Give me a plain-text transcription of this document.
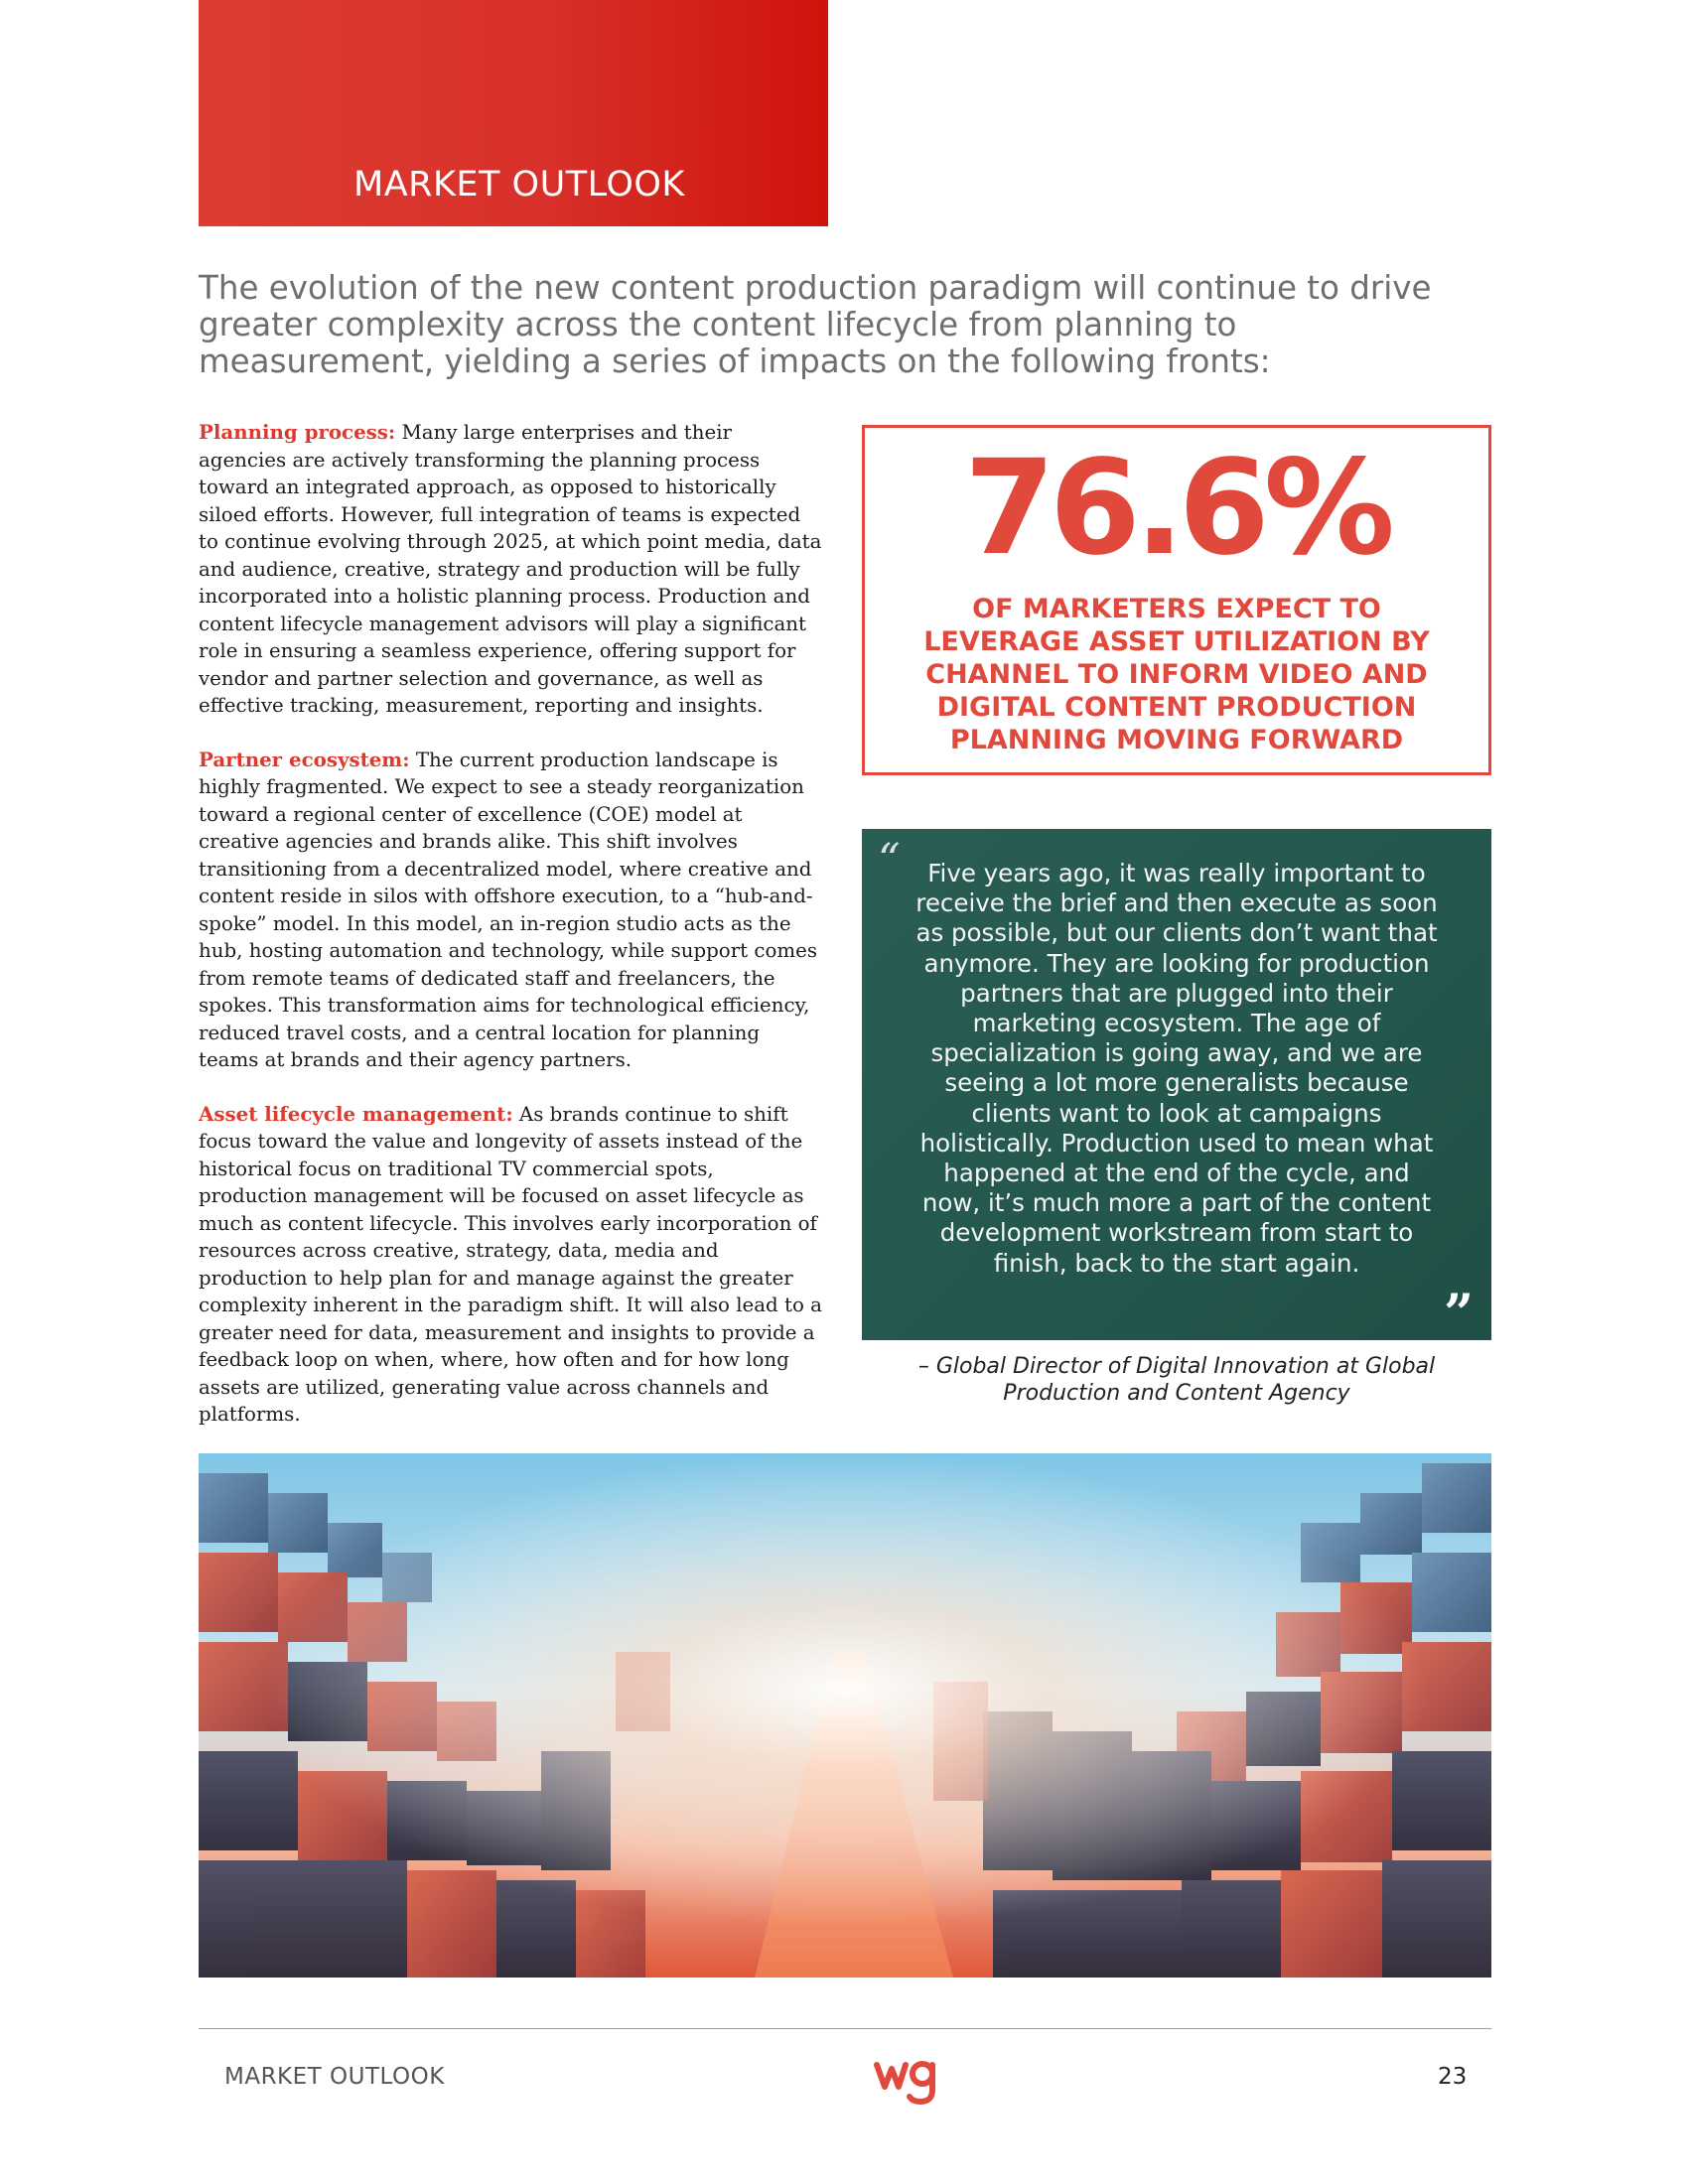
MARKET OUTLOOK

The evolution of the new content production paradigm will continue to drive greater complexity across the content lifecycle from planning to measurement, yielding a series of impacts on the following fronts:

Planning process: Many large enterprises and their agencies are actively transforming the planning process toward an integrated approach, as opposed to historically siloed efforts. However, full integration of teams is expected to continue evolving through 2025, at which point media, data and audience, creative, strategy and production will be fully incorporated into a holistic planning process. Production and content lifecycle management advisors will play a significant role in ensuring a seamless experience, offering support for vendor and partner selection and governance, as well as effective tracking, measurement, reporting and insights.

Partner ecosystem: The current production landscape is highly fragmented. We expect to see a steady reorganization toward a regional center of excellence (COE) model at creative agencies and brands alike. This shift involves transitioning from a decentralized model, where creative and content reside in silos with offshore execution, to a “hub-and-spoke” model. In this model, an in-region studio acts as the hub, hosting automation and technology, while support comes from remote teams of dedicated staff and freelancers, the spokes. This transformation aims for technological efficiency, reduced travel costs, and a central location for planning teams at brands and their agency partners.

Asset lifecycle management: As brands continue to shift focus toward the value and longevity of assets instead of the historical focus on traditional TV commercial spots, production management will be focused on asset lifecycle as much as content lifecycle. This involves early incorporation of resources across creative, strategy, data, media and production to help plan for and manage against the greater complexity inherent in the paradigm shift. It will also lead to a greater need for data, measurement and insights to provide a feedback loop on when, where, how often and for how long assets are utilized, generating value across channels and platforms.

76.6%
OF MARKETERS EXPECT TO LEVERAGE ASSET UTILIZATION BY CHANNEL TO INFORM VIDEO AND DIGITAL CONTENT PRODUCTION PLANNING MOVING FORWARD
“	Five years ago, it was really important to receive the brief and then execute as soon as possible, but our clients don’t want that anymore. They are looking for production partners that are plugged into their marketing ecosystem. The age of specialization is going away, and we are seeing a lot more generalists because clients want to look at campaigns holistically. Production used to mean what happened at the end of the cycle, and now, it’s much more a part of the content development workstream from start to finish, back to the start again.
”
– Global Director of Digital Innovation at Global Production and Content Agency
MARKET OUTLOOK	23
